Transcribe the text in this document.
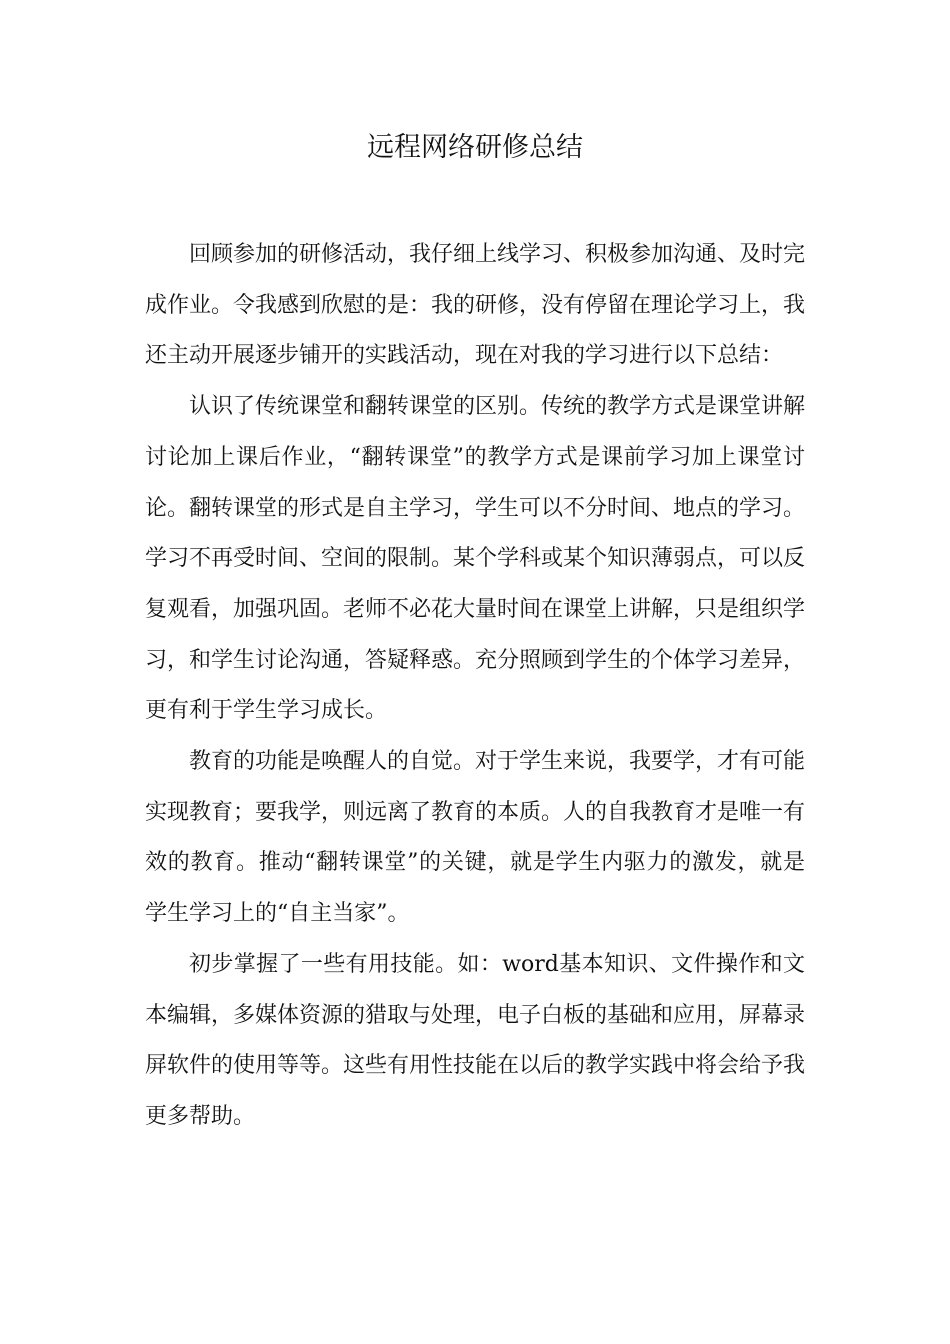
远程网络研修总结

回顾参加的研修活动，我仔细上线学习、积极参加沟通、及时完成作业。令我感到欣慰的是：我的研修，没有停留在理论学习上，我还主动开展逐步铺开的实践活动，现在对我的学习进行以下总结：

认识了传统课堂和翻转课堂的区别。传统的教学方式是课堂讲解讨论加上课后作业，“翻转课堂”的教学方式是课前学习加上课堂讨论。翻转课堂的形式是自主学习，学生可以不分时间、地点的学习。学习不再受时间、空间的限制。某个学科或某个知识薄弱点，可以反复观看，加强巩固。老师不必花大量时间在课堂上讲解，只是组织学习，和学生讨论沟通，答疑释惑。充分照顾到学生的个体学习差异，更有利于学生学习成长。

教育的功能是唤醒人的自觉。对于学生来说，我要学，才有可能实现教育；要我学，则远离了教育的本质。人的自我教育才是唯一有效的教育。推动“翻转课堂”的关键，就是学生内驱力的激发，就是学生学习上的“自主当家”。

初步掌握了一些有用技能。如：word基本知识、文件操作和文本编辑，多媒体资源的猎取与处理，电子白板的基础和应用，屏幕录屏软件的使用等等。这些有用性技能在以后的教学实践中将会给予我更多帮助。
